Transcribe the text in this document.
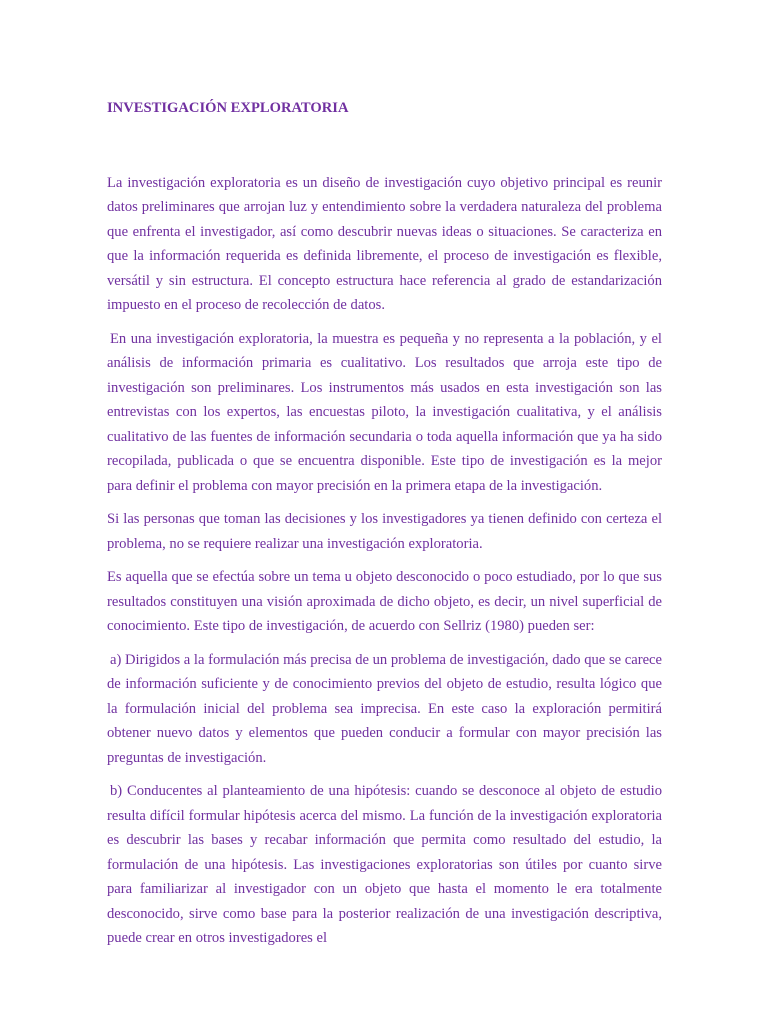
INVESTIGACIÓN EXPLORATORIA

La investigación exploratoria es un diseño de investigación cuyo objetivo principal es reunir datos preliminares que arrojan luz y entendimiento sobre la verdadera naturaleza del problema que enfrenta el investigador, así como descubrir nuevas ideas o situaciones. Se caracteriza en que la información requerida es definida libremente, el proceso de investigación es flexible, versátil y sin estructura. El concepto estructura hace referencia al grado de estandarización impuesto en el proceso de recolección de datos.

En una investigación exploratoria, la muestra es pequeña y no representa a la población, y el análisis de información primaria es cualitativo. Los resultados que arroja este tipo de investigación son preliminares. Los instrumentos más usados en esta investigación son las entrevistas con los expertos, las encuestas piloto, la investigación cualitativa, y el análisis cualitativo de las fuentes de información secundaria o toda aquella información que ya ha sido recopilada, publicada o que se encuentra disponible. Este tipo de investigación es la mejor para definir el problema con mayor precisión en la primera etapa de la investigación.

Si las personas que toman las decisiones y los investigadores ya tienen definido con certeza el problema, no se requiere realizar una investigación exploratoria.

Es aquella que se efectúa sobre un tema u objeto desconocido o poco estudiado, por lo que sus resultados constituyen una visión aproximada de dicho objeto, es decir, un nivel superficial de conocimiento. Este tipo de investigación, de acuerdo con Sellriz (1980) pueden ser:

a) Dirigidos a la formulación más precisa de un problema de investigación, dado que se carece de información suficiente y de conocimiento previos del objeto de estudio, resulta lógico que la formulación inicial del problema sea imprecisa. En este caso la exploración permitirá obtener nuevo datos y elementos que pueden conducir a formular con mayor precisión las preguntas de investigación.

b) Conducentes al planteamiento de una hipótesis: cuando se desconoce al objeto de estudio resulta difícil formular hipótesis acerca del mismo. La función de la investigación exploratoria es descubrir las bases y recabar información que permita como resultado del estudio, la formulación de una hipótesis. Las investigaciones exploratorias son útiles por cuanto sirve para familiarizar al investigador con un objeto que hasta el momento le era totalmente desconocido, sirve como base para la posterior realización de una investigación descriptiva, puede crear en otros investigadores el
